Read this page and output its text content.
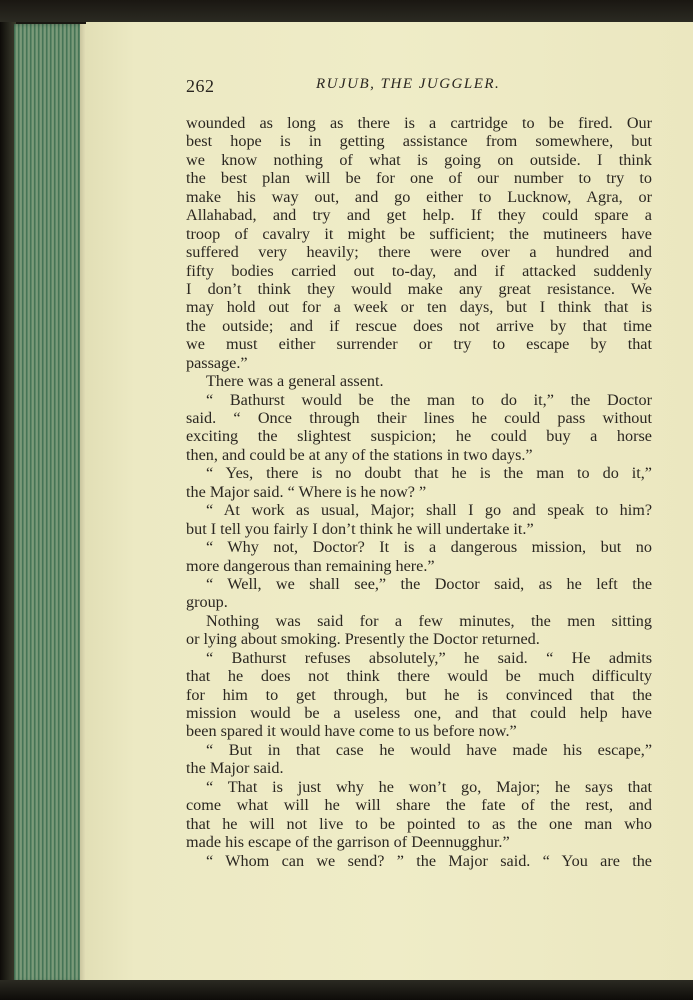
262	RUJUB, THE JUGGLER.
wounded as long as there is a cartridge to be fired. Our
best hope is in getting assistance from somewhere, but
we know nothing of what is going on outside. I think
the best plan will be for one of our number to try to
make his way out, and go either to Lucknow, Agra, or
Allahabad, and try and get help. If they could spare a
troop of cavalry it might be sufficient; the mutineers have
suffered very heavily; there were over a hundred and
fifty bodies carried out to-day, and if attacked suddenly
I don’t think they would make any great resistance. We
may hold out for a week or ten days, but I think that is
the outside; and if rescue does not arrive by that time
we must either surrender or try to escape by that
passage.”
There was a general assent.
“ Bathurst would be the man to do it,” the Doctor
said. “ Once through their lines he could pass without
exciting the slightest suspicion; he could buy a horse
then, and could be at any of the stations in two days.”
“ Yes, there is no doubt that he is the man to do it,”
the Major said. “ Where is he now? ”
“ At work as usual, Major; shall I go and speak to him?
but I tell you fairly I don’t think he will undertake it.”
“ Why not, Doctor? It is a dangerous mission, but no
more dangerous than remaining here.”
“ Well, we shall see,” the Doctor said, as he left the
group.
Nothing was said for a few minutes, the men sitting
or lying about smoking. Presently the Doctor returned.
“ Bathurst refuses absolutely,” he said. “ He admits
that he does not think there would be much difficulty
for him to get through, but he is convinced that the
mission would be a useless one, and that could help have
been spared it would have come to us before now.”
“ But in that case he would have made his escape,”
the Major said.
“ That is just why he won’t go, Major; he says that
come what will he will share the fate of the rest, and
that he will not live to be pointed to as the one man who
made his escape of the garrison of Deennugghur.”
“ Whom can we send? ” the Major said. “ You are the
